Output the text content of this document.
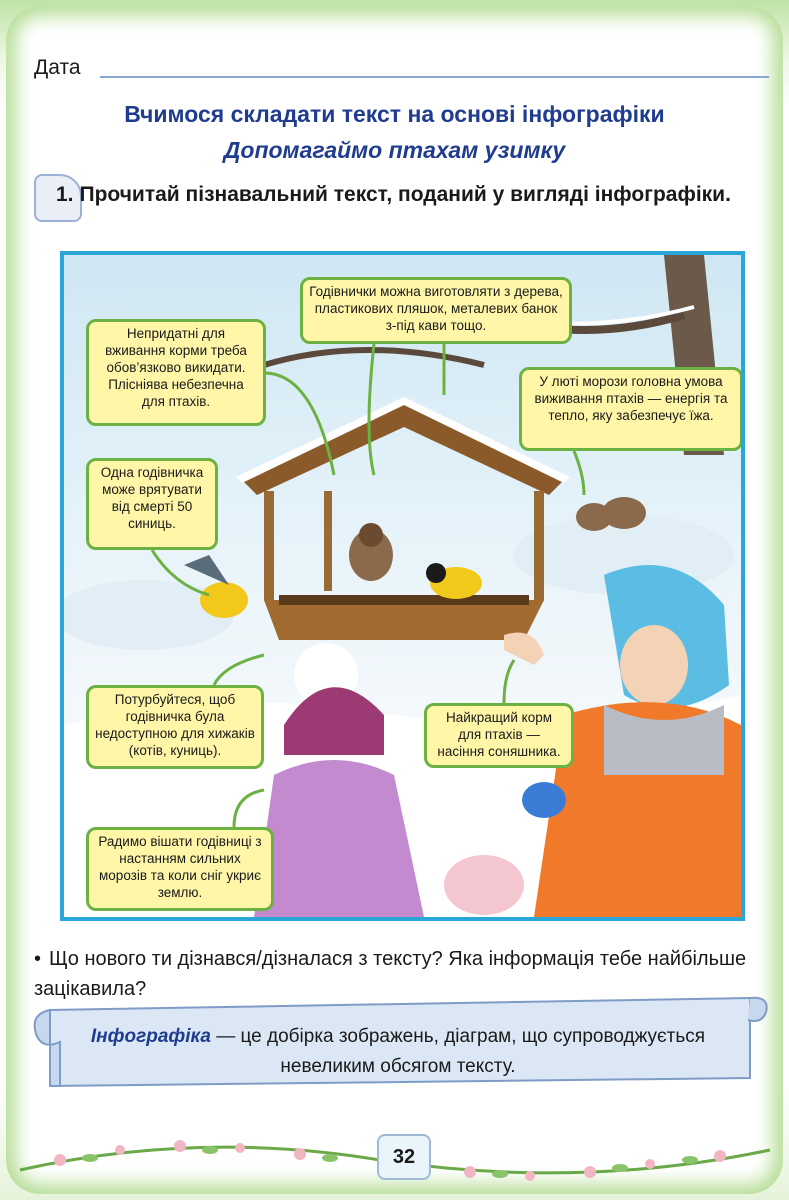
Дата
Вчимося складати текст на основі інфографіки
Допомагаймо птахам узимку
1. Прочитай пізнавальний текст, поданий у вигляді інфографіки.
Годівнички можна виготовляти з дерева, пластикових пляшок, металевих банок з-під кави тощо.
Непридатні для вживання корми треба обов’язково викидати. Плісніява небезпечна для птахів.
У люті морози головна умова виживання птахів — енергія та тепло, яку забезпечує їжа.
Одна годівничка може врятувати від смерті 50 синиць.
Потурбуйтеся, щоб годівничка була недоступною для хижаків (котів, куниць).
Найкращий корм для птахів — насіння соняшника.
Радимо вішати годівниці з настанням сильних морозів та коли сніг укриє землю.
• Що нового ти дізнався/дізналася з тексту? Яка інформація тебе найбільше зацікавила?
Інфографіка — це добірка зображень, діаграм, що супроводжується невеликим обсягом тексту.
32
